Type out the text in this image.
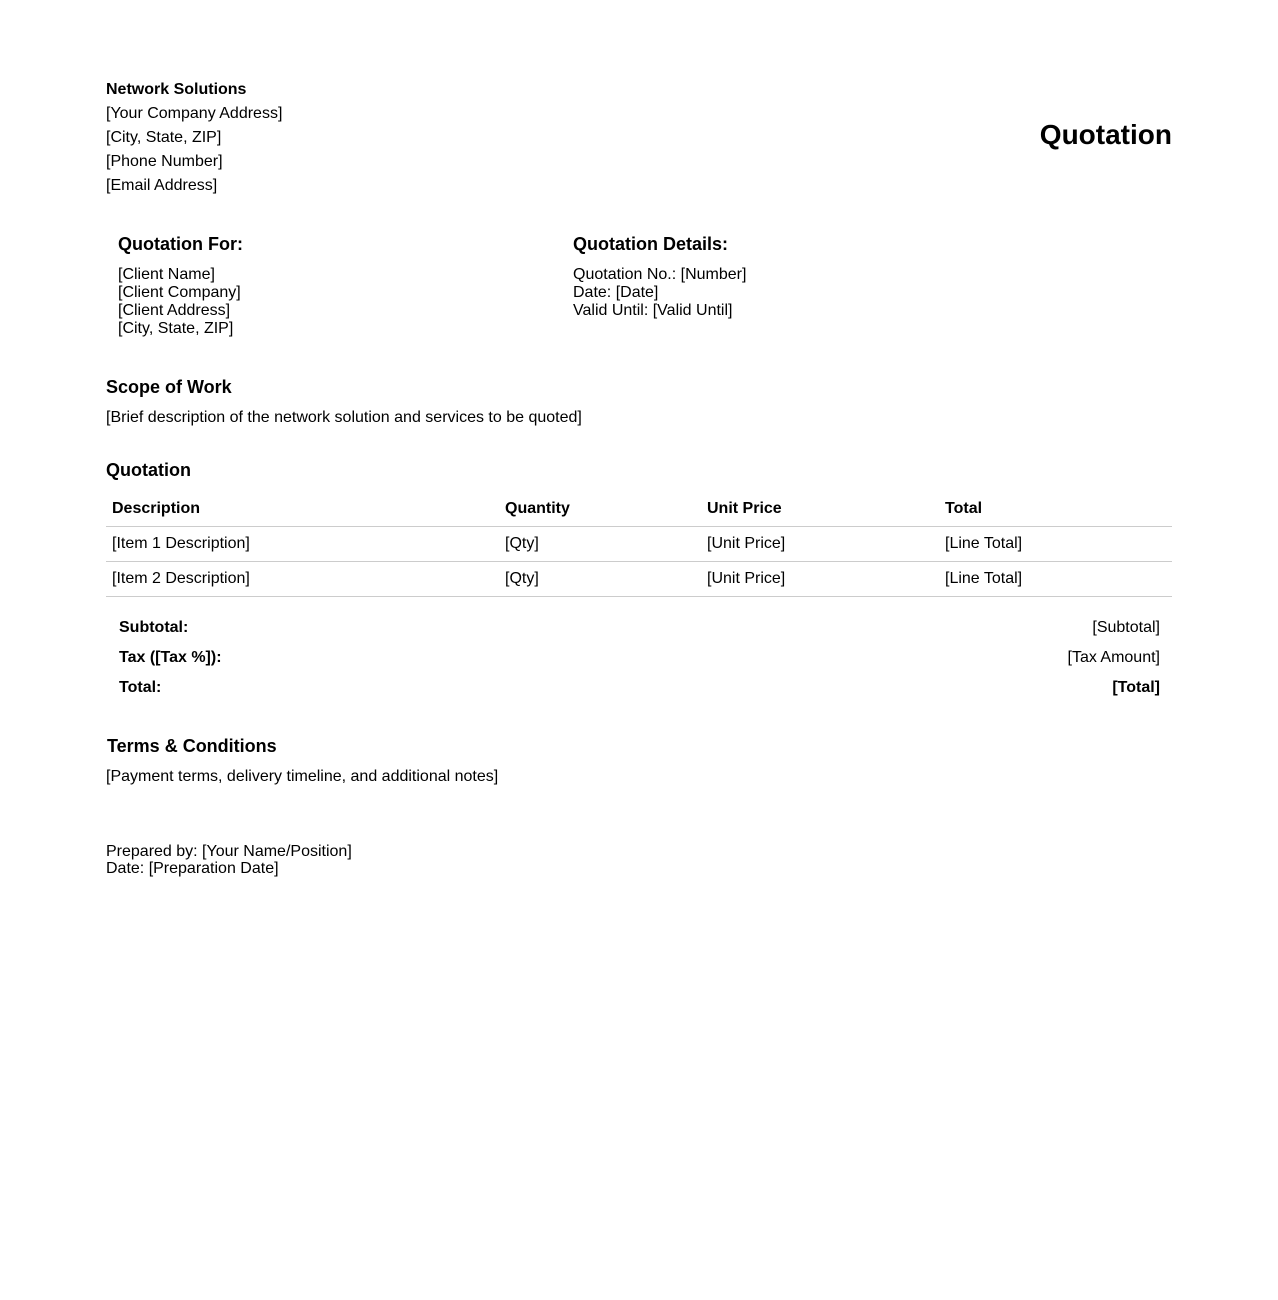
Network Solutions
[Your Company Address]
[City, State, ZIP]
[Phone Number]
[Email Address]
Quotation
Quotation For:
[Client Name]
[Client Company]
[Client Address]
[City, State, ZIP]
Quotation Details:
Quotation No.: [Number]
Date: [Date]
Valid Until: [Valid Until]
Scope of Work

[Brief description of the network solution and services to be quoted]

Quotation
Description	Quantity	Unit Price	Total
[Item 1 Description]	[Qty]	[Unit Price]	[Line Total]
[Item 2 Description]	[Qty]	[Unit Price]	[Line Total]
Subtotal:	[Subtotal]
Tax ([Tax %]):	[Tax Amount]
Total:	[Total]
Terms & Conditions

[Payment terms, delivery timeline, and additional notes]

Prepared by: [Your Name/Position]
Date: [Preparation Date]
